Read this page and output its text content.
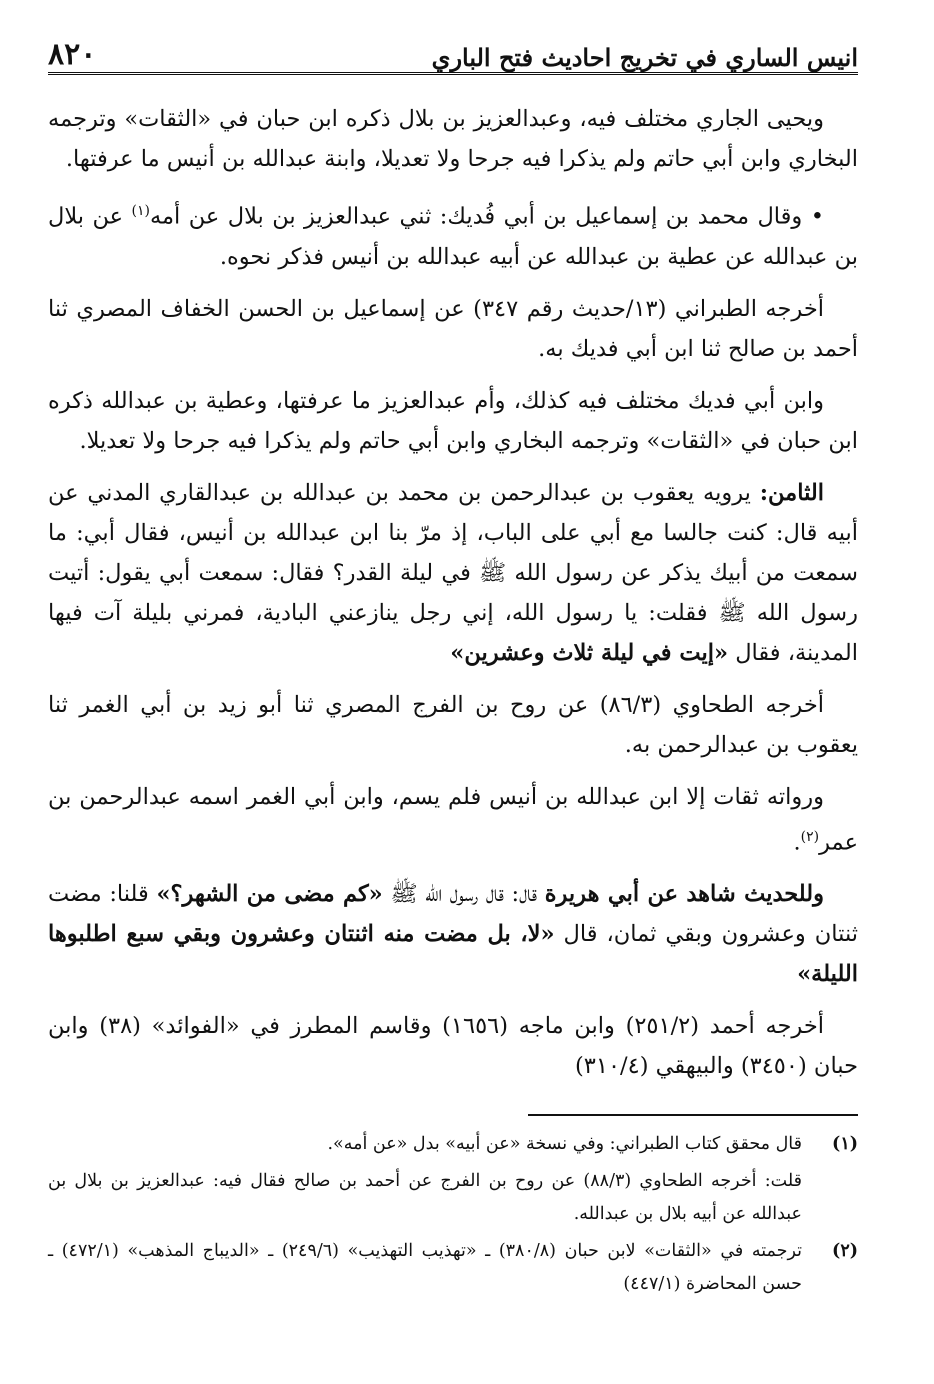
انيس الساري في تخريج احاديث فتح الباري
٨٢٠

ويحيى الجاري مختلف فيه، وعبدالعزيز بن بلال ذكره ابن حبان في «الثقات» وترجمه البخاري وابن أبي حاتم ولم يذكرا فيه جرحا ولا تعديلا، وابنة عبدالله بن أنيس ما عرفتها.

• وقال محمد بن إسماعيل بن أبي فُديك: ثني عبدالعزيز بن بلال عن أمه$^{(١)}$ عن بلال بن عبدالله عن عطية بن عبدالله عن أبيه عبدالله بن أنيس فذكر نحوه.

أخرجه الطبراني (١٣/حديث رقم ٣٤٧) عن إسماعيل بن الحسن الخفاف المصري ثنا أحمد بن صالح ثنا ابن أبي فديك به.

وابن أبي فديك مختلف فيه كذلك، وأم عبدالعزيز ما عرفتها، وعطية بن عبدالله ذكره ابن حبان في «الثقات» وترجمه البخاري وابن أبي حاتم ولم يذكرا فيه جرحا ولا تعديلا.

الثامن: يرويه يعقوب بن عبدالرحمن بن محمد بن عبدالله بن عبدالقاري المدني عن أبيه قال: كنت جالسا مع أبي على الباب، إذ مرّ بنا ابن عبدالله بن أنيس، فقال أبي: ما سمعت من أبيك يذكر عن رسول الله ﷺ في ليلة القدر؟ فقال: سمعت أبي يقول: أتيت رسول الله ﷺ فقلت: يا رسول الله، إني رجل ينازعني البادية، فمرني بليلة آت فيها المدينة، فقال «إيت في ليلة ثلاث وعشرين»

أخرجه الطحاوي (٨٦/٣) عن روح بن الفرج المصري ثنا أبو زيد بن أبي الغمر ثنا يعقوب بن عبدالرحمن به.

ورواته ثقات إلا ابن عبدالله بن أنيس فلم يسم، وابن أبي الغمر اسمه عبدالرحمن بن عمر$^{(٢)}$.

وللحديث شاهد عن أبي هريرة قال: قال رسول الله ﷺ «كم مضى من الشهر؟» قلنا: مضت ثنتان وعشرون وبقي ثمان، قال «لا، بل مضت منه اثنتان وعشرون وبقي سبع اطلبوها الليلة»

أخرجه أحمد (٢٥١/٢) وابن ماجه (١٦٥٦) وقاسم المطرز في «الفوائد» (٣٨) وابن حبان (٣٤٥٠) والبيهقي (٣١٠/٤)

(١)
قال محقق كتاب الطبراني: وفي نسخة «عن أبيه» بدل «عن أمه».
قلت: أخرجه الطحاوي (٨٨/٣) عن روح بن الفرج عن أحمد بن صالح فقال فيه: عبدالعزيز بن بلال بن عبدالله عن أبيه بلال بن عبدالله.
(٢)
ترجمته في «الثقات» لابن حبان (٣٨٠/٨) ـ «تهذيب التهذيب» (٢٤٩/٦) ـ «الديباج المذهب» (٤٧٢/١) ـ حسن المحاضرة (٤٤٧/١)
